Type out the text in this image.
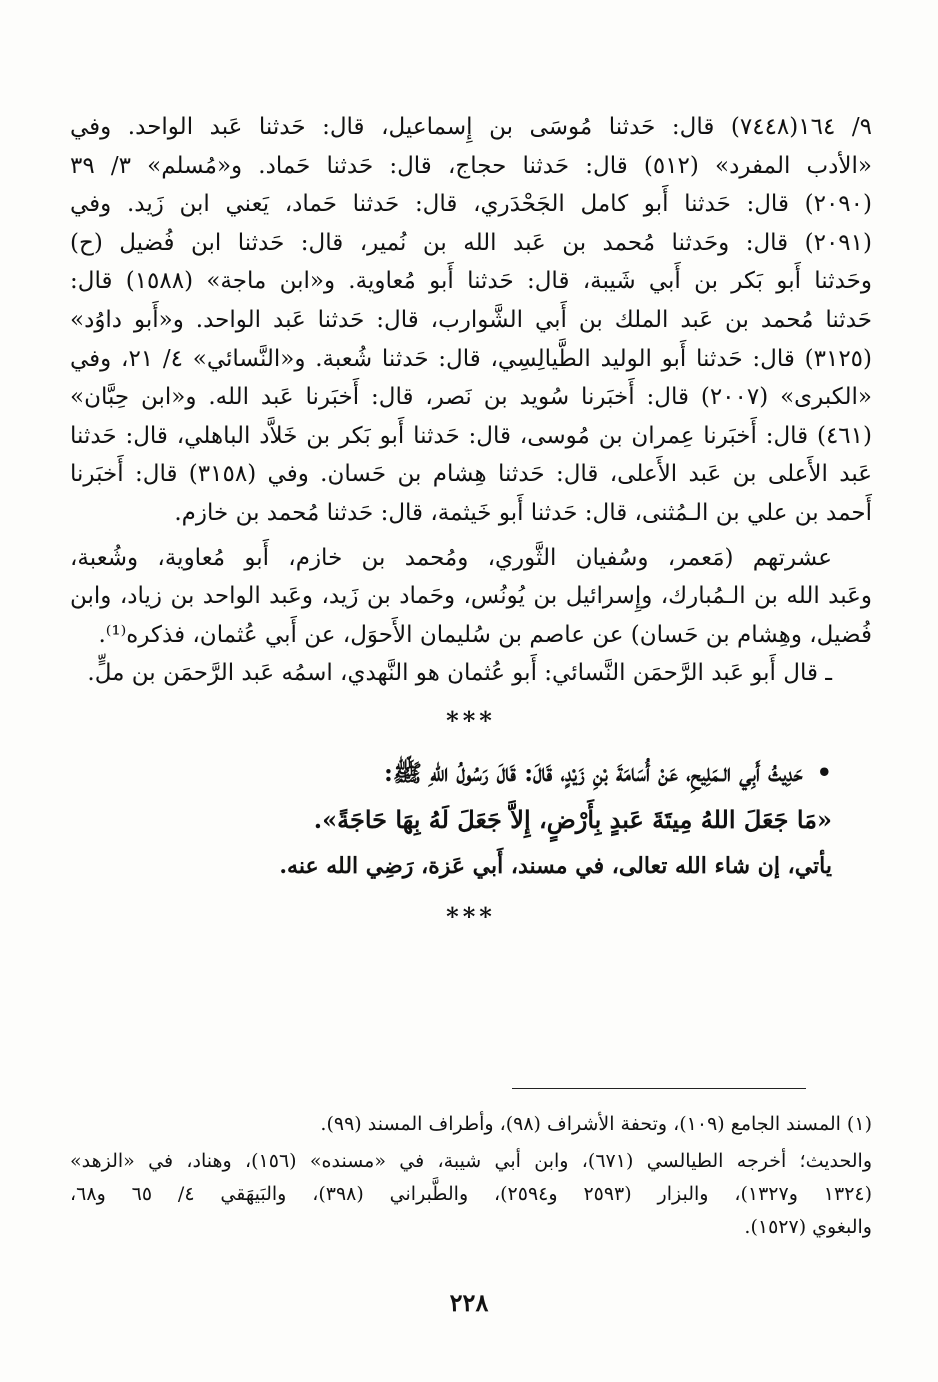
٩/ ١٦٤(٧٤٤٨) قال: حَدثنا مُوسَى بن إِسماعيل، قال: حَدثنا عَبد الواحد. وفي
«الأدب المفرد» (٥١٢) قال: حَدثنا حجاج، قال: حَدثنا حَماد. و«مُسلم» ٣/ ٣٩
(٢٠٩٠) قال: حَدثنا أَبو كامل الجَحْدَري، قال: حَدثنا حَماد، يَعني ابن زَيد. وفي
(٢٠٩١) قال: وحَدثنا مُحمد بن عَبد الله بن نُمير، قال: حَدثنا ابن فُضيل (ح)
وحَدثنا أَبو بَكر بن أَبي شَيبة، قال: حَدثنا أَبو مُعاوية. و«ابن ماجة» (١٥٨٨) قال:
حَدثنا مُحمد بن عَبد الملك بن أَبي الشَّوارب، قال: حَدثنا عَبد الواحد. و«أَبو داوُد»
(٣١٢٥) قال: حَدثنا أَبو الوليد الطَّيالِسِي، قال: حَدثنا شُعبة. و«النَّسائي» ٤/ ٢١، وفي
«الكبرى» (٢٠٠٧) قال: أَخبَرنا سُويد بن نَصر، قال: أَخبَرنا عَبد الله. و«ابن حِبَّان»
(٤٦١) قال: أَخبَرنا عِمران بن مُوسى، قال: حَدثنا أَبو بَكر بن خَلاَّد الباهلي، قال: حَدثنا
عَبد الأَعلى بن عَبد الأَعلى، قال: حَدثنا هِشام بن حَسان. وفي (٣١٥٨) قال: أَخبَرنا
أَحمد بن علي بن الـمُثنى، قال: حَدثنا أَبو خَيثمة، قال: حَدثنا مُحمد بن خازم.
عشرتهم (مَعمر، وسُفيان الثَّوري، ومُحمد بن خازم، أَبو مُعاوية، وشُعبة،
وعَبد الله بن الـمُبارك، وإِسرائيل بن يُونُس، وحَماد بن زَيد، وعَبد الواحد بن زياد، وابن
فُضيل، وهِشام بن حَسان) عن عاصم بن سُليمان الأَحوَل، عن أَبي عُثمان، فذكره⁽¹⁾.
ـ قال أَبو عَبد الرَّحمَن النَّسائي: أَبو عُثمان هو النَّهدي، اسمُه عَبد الرَّحمَن بن ملٍّ.
***
•حَدِيثُ أَبِي الـمَلِيحِ، عَنْ أُسَامَةَ بْنِ زَيْدٍ، قَالَ: قَالَ رَسُولُ اللهِ ﷺ:
«مَا جَعَلَ اللهُ مِيتَةَ عَبدٍ بِأَرْضٍ، إِلاَّ جَعَلَ لَهُ بِهَا حَاجَةً».
يأتي، إن شاء الله تعالى، في مسند، أَبي عَزة، رَضِي الله عنه.
***
(١) المسند الجامع (١٠٩)، وتحفة الأشراف (٩٨)، وأطراف المسند (٩٩).
والحديث؛ أخرجه الطيالسي (٦٧١)، وابن أبي شيبة، في «مسنده» (١٥٦)، وهناد، في «الزهد»
(١٣٢٤ و١٣٢٧)، والبزار (٢٥٩٣ و٢٥٩٤)، والطَّبراني (٣٩٨)، والبَيهَقي ٤/ ٦٥ و٦٨،
والبغوي (١٥٢٧).
٢٢٨
